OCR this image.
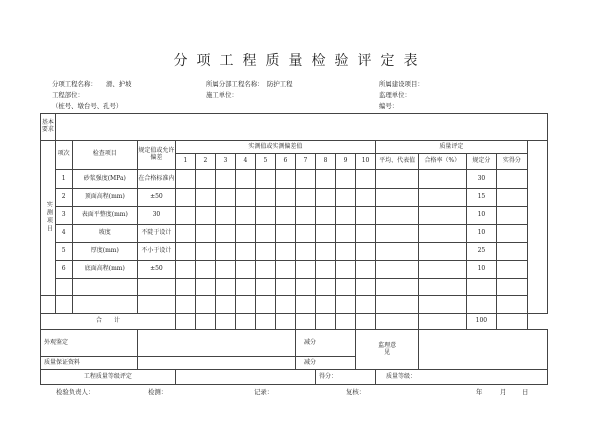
分项工程质量检验评定表
分项工程名称： 滑、护坡	所属分部工程名称： 防护工程	所属建设项目：
工程部位：	施工单位：	监理单位：
（桩号、墩台号、孔号）	编号：
基本要求																		

实测项目	项次	检查项目	规定值或允许偏差	实测值或实测偏差值										质量评定				
				1	2	3	4	5	6	7	8	9	10	平均、代表值	合格率（%）	规定分	实得分	
	1	砂浆强度(MPa)	在合格标准内													30		
	2	顶面高程(mm)	±50													15		
	3	表面平整度(mm)	30													10		
	4	坡度	不陡于设计													10		
	5	厚度(mm)	不小于设计													25		
	6	底面高程(mm)	±50													10		

合　　计																100		
外观鉴定										减分			监理意见					

质量保证资料										减分								
工程质量等级评定											得分：			质量等级：				
检验负责人：	检测：	记录：	复核：	年	月 日
